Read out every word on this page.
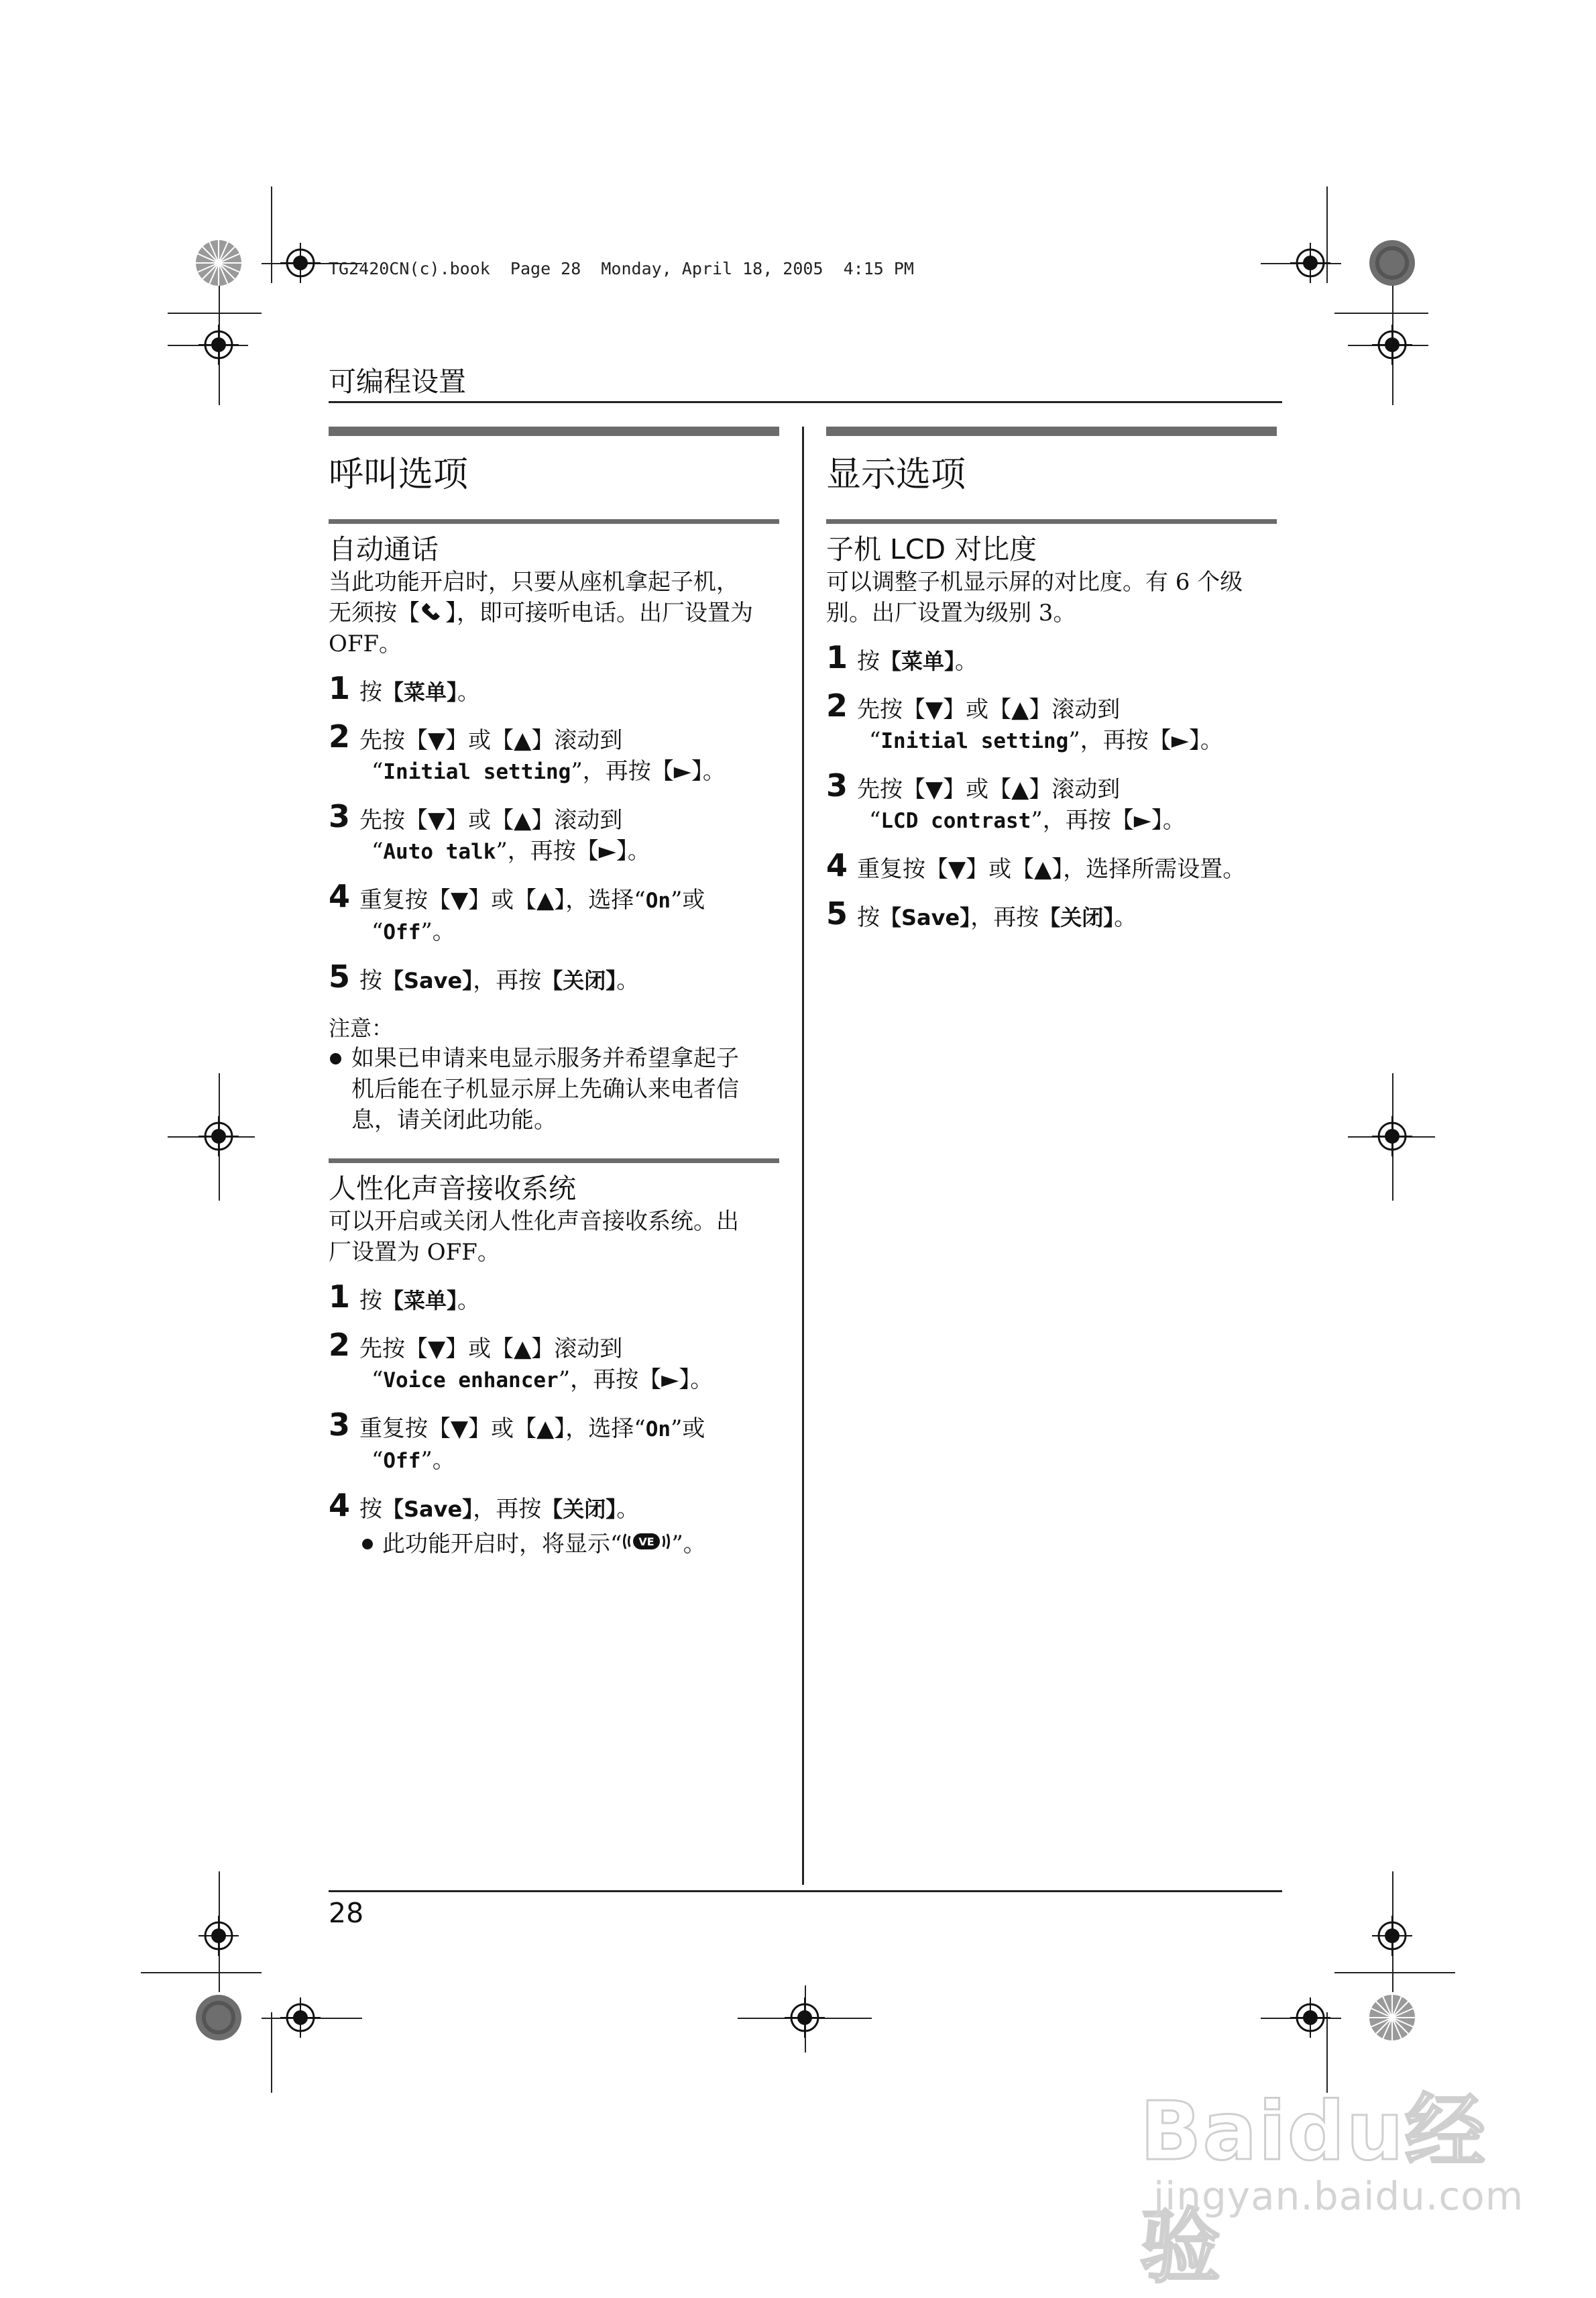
TG2420CN(c).book  Page 28  Monday, April 18, 2005  4:15 PM
可编程设置
呼叫选项
自动通话
当此功能开启时，只要从座机拿起子机，
无须按【 】，即可接听电话。出厂设置为
OFF。
1 按【菜单】。
2 先按【▼】或【▲】滚动到
“Initial setting”，再按【►】。
3 先按【▼】或【▲】滚动到
“Auto talk”，再按【►】。
4 重复按【▼】或【▲】，选择“On”或
“Off”。
5 按【Save】，再按【关闭】。
注意：
如果已申请来电显示服务并希望拿起子
机后能在子机显示屏上先确认来电者信
息，请关闭此功能。
人性化声音接收系统
可以开启或关闭人性化声音接收系统。出
厂设置为 OFF。
1 按【菜单】。
2 先按【▼】或【▲】滚动到
“Voice enhancer”，再按【►】。
3 重复按【▼】或【▲】，选择“On”或
“Off”。
4 按【Save】，再按【关闭】。
此功能开启时，将显示“ VE ”。
显示选项
子机 LCD 对比度
可以调整子机显示屏的对比度。有 6 个级
别。出厂设置为级别 3。
1 按【菜单】。
2 先按【▼】或【▲】滚动到
“Initial setting”，再按【►】。
3 先按【▼】或【▲】滚动到
“LCD contrast”，再按【►】。
4 重复按【▼】或【▲】，选择所需设置。
5 按【Save】，再按【关闭】。
28
Baidu经验
jingyan.baidu.com
